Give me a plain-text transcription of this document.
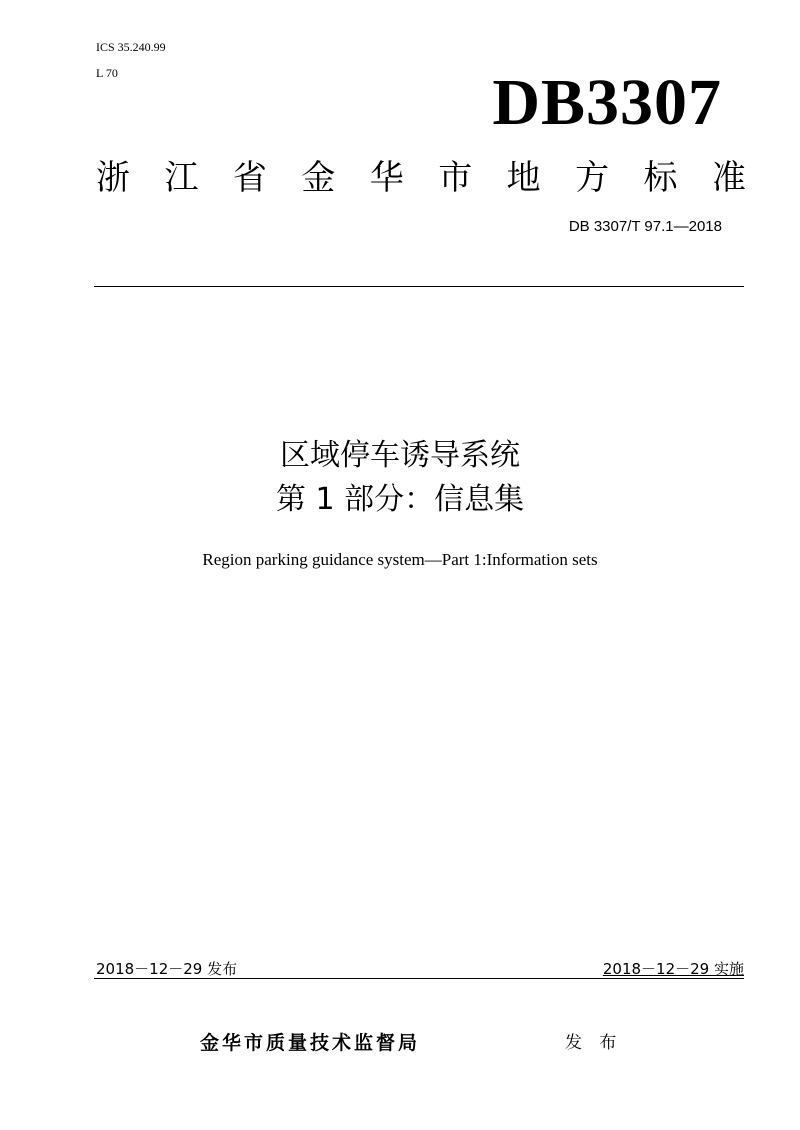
ICS 35.240.99
L 70	DB3307
浙 江 省 金 华 市 地 方 标 准
DB 3307/T 97.1—2018
区域停车诱导系统
第 1 部分：信息集
Region parking guidance system—Part 1:Information sets
2018－12－29 发布	2018－12－29 实施
金华市质量技术监督局	发 布
